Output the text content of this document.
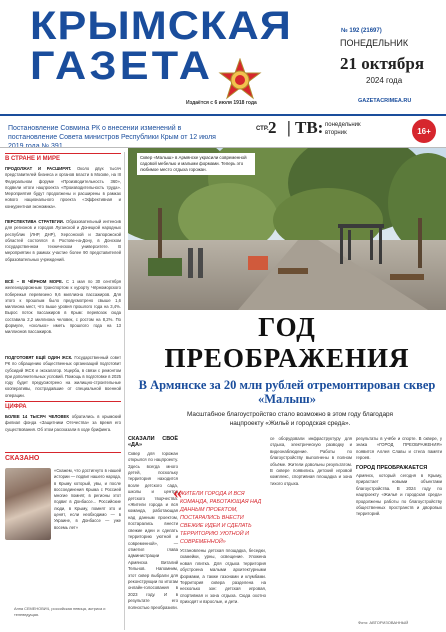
КРЫМСКАЯ
ГАЗЕТА
Издаётся с 6 июля 1918 года
№ 192 (21697)
ПОНЕДЕЛЬНИК
21 октября
2024 года
GAZETACRIMEA.RU
Постановление Совмина РК о внесении изменений в постановление Совета министров Республики Крым от 12 июля
СТР. 2 | ТВ: понедельник
вторник	16+
В СТРАНЕ И МИРЕ
ПРОДОЛЖАТ И РАСШИРЯТ. Около двух тысяч представителей бизнеса и органов власти в Москве, на III Федеральном форуме «Производительность 360», подвели итоги нацпроекта «Производительность труда». Мероприятия будут продолжены и расширены в рамках нового национального проекта «Эффективная и конкурентная экономика».
ПЕРСПЕКТИВА СТРАТЕГИИ. Образовательный интенсив для регионов и городов Луганской и Донецкой народных республик (ЛНР, ДНР), Херсонской и Запорожской областей состоялся в Ростове-на-Дону, в Донском государственном техническом университете. В мероприятии в рамках участие более 90 представителей образовательных учреждений.
ВСЁ – В ЧЁРНОМ МОРЕ. С 1 мая по 30 сентября железнодорожным транспортом к курорту Чёрноморского побережья перевезено 9,6 миллиона пассажиров. Для этого к прошлым было предусмотрено свыше 1,6 миллиона мест, что выше уровня прошлого года на 3,4%. Вырос поток пассажиров в Крым: перевозок сюда составила 2,2 миллиона человек, с ростом на 8,2%. По формуле, «сколько» иметь прошлого года на 13 миллионов пассажиров.
ПОДГОТОВЯТ ЕЩЁ ОДИН ЖСК. Государственный совет РК по обращению общественных организаций подготовит субсидий ЖСК и экскалатор. Ущерба, в связи с ремонтом при дополнительных условий. Помощь в подготовке в 2025 году будет предусмотрено на жилищно-строительные кооперативы, пострадавшие от специальной военной операции.
ЦИФРА
БОЛЕЕ 14 ТЫСЯЧ ЧЕЛОВЕК обратились в крымский филиал фонда «Защитники Отечества» за время его существования. Об этом рассказали в ходе брифинга.
СКАЗАНО
«Скажем, что достигнуто в нашей истории — подвиг нашего народа, в Крыму который, увы, и после воссоединения Крыма с Россией многие помнят, в регионы этот подвиг в Донбассе... Российские люди, в Крыму, помнят это и ценят, если необходимо — в Украине, в Донбассе — уже восемь лет»
Анна СЕМЕНОВИЧ, российская певица, актриса и телеведущая.
Сквер «Малыш» в Армянске украсили современной садовой мебелью и малыми формами. Теперь это любимое место отдыха горожан.
ГОД
ПРЕОБРАЖЕНИЯ
В Армянске за 20 млн рублей отремонтирован сквер «Малыш»
Масштабное благоустройство стало возможно в этом году благодаря нацпроекту «Жильё и городская среда».
СКАЗАЛИ СВОЁ «ДА»
Сквер для горожан открылся по нацпроекту. Здесь всегда много детей, поскольку территория находится возле детского сада, школы и центра детского творчества. «Жители города и вся команда, работающая над данным проектом, постарались внести свежие идеи и сделать территорию уютной и современной», — отметил глава администрации Армянска Виталий Тельнов. Напомним, этот сквер выбрали для реконструкции по итогам онлайн-голосования в 2023 году. И в результате его полностью преобразили.
«
ЖИТЕЛИ ГОРОДА И ВСЯ КОМАНДА, РАБОТАЮЩАЯ НАД ДАННЫМ ПРОЕКТОМ, ПОСТАРАЛИСЬ ВНЕСТИ СВЕЖИЕ ИДЕИ И СДЕЛАТЬ ТЕРРИТОРИЮ УЮТНОЙ И СОВРЕМЕННОЙ»
Установлены детская площадка, беседки, скамейки, урны, освещение. Уложена новая плитка. Для отдыха территория обустроена малыми архитектурными формами, а также газонами и клумбами. Территория сквера разделена на несколько зон: детская игровая, спортивная и зона отдыха. Сюда охотно приходят и взрослые, и дети.
се оборудовали инфраструктуру для отдыха, электрическую разводку и видеонаблюдение. Работы по благоустройству выполнены в полном объёме. Жители довольны результатом. В сквере появились детский игровой комплекс, спортивная площадка и зона тихого отдыха.
результаты в учёбе и спорте. В сквере, у знака «ГОРОД ПРЕОБРАЖЕНИЯ» появится Аллея Славы и стела памяти героев.
ГОРОД ПРЕОБРАЖАЕТСЯ
Армянск, который сегодня в Крыму, прирастает новыми объектами благоустройства. В 2024 году по нацпроекту «Жильё и городская среда» продолжены работы по благоустройству общественных пространств и дворовых территорий.
Фото: АВТОРИЗОВАННЫЙ
